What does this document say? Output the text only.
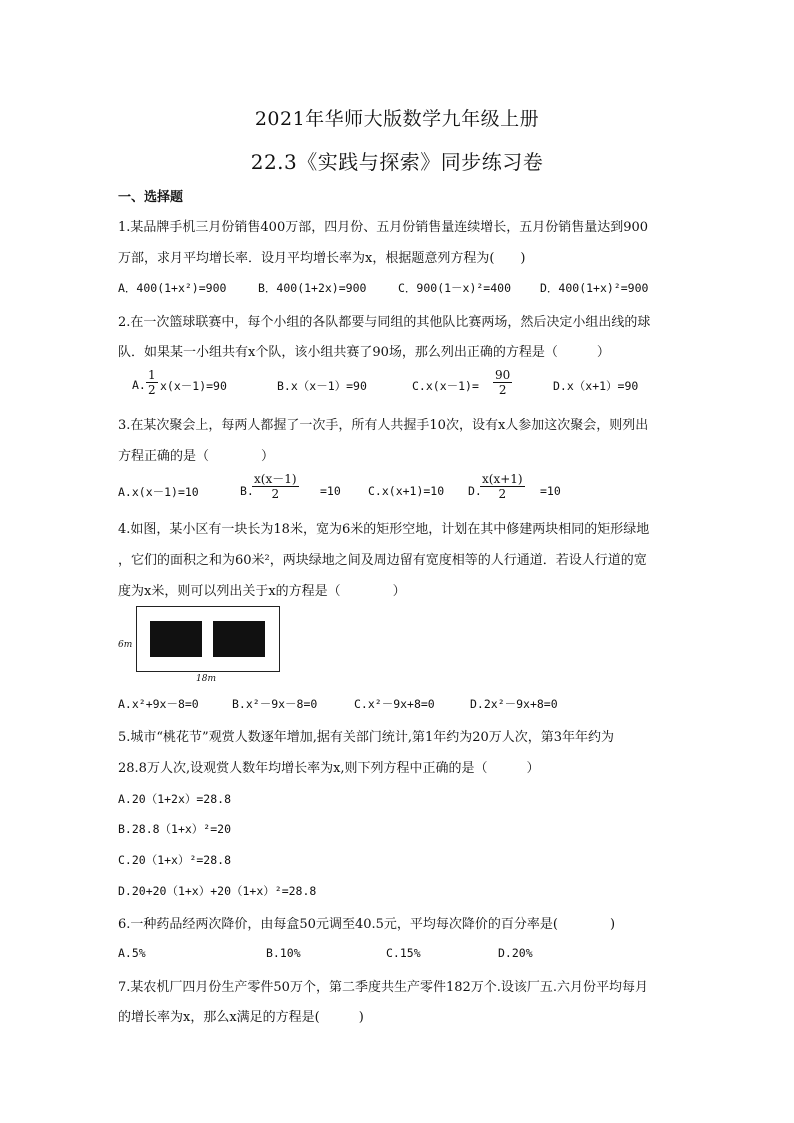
2021年华师大版数学九年级上册
22.3《实践与探索》同步练习卷
一、选择题
1.某品牌手机三月份销售400万部，四月份、五月份销售量连续增长，五月份销售量达到900
万部，求月平均增长率．设月平均增长率为x，根据题意列方程为(　　)
A．400(1+x²)=900	B．400(1+2x)=900	C．900(1－x)²=400	D．400(1+x)²=900
2.在一次篮球联赛中，每个小组的各队都要与同组的其他队比赛两场，然后决定小组出线的球
队．如果某一小组共有x个队，该小组共赛了90场，那么列出正确的方程是（　　　）
A. $\frac{1}{2} x(x-1)=90$	B.x（x－1）=90	$C.x(x-1)= \frac{90}{2}$	D.x（x+1）=90
3.在某次聚会上，每两人都握了一次手，所有人共握手10次，设有x人参加这次聚会，则列出
方程正确的是（　　　　）
A.x(x－1)=10	B.
$\frac{x(x-1)}{2} =10$ C.x(x+1)=10 D.
$\frac{x(x+1)}{2} =10$
4.如图，某小区有一块长为18米，宽为6米的矩形空地，计划在其中修建两块相同的矩形绿地
，它们的面积之和为60米²，两块绿地之间及周边留有宽度相等的人行通道．若设人行道的宽
度为x米，则可以列出关于x的方程是（　　　　）
6m
18m
A.x²+9x－8=0	B.x²－9x－8=0	C.x²－9x+8=0	D.2x²－9x+8=0
5.城市“桃花节”观赏人数逐年增加,据有关部门统计,第1年约为20万人次，第3年年约为
28.8万人次,设观赏人数年均增长率为x,则下列方程中正确的是（　　　）
A.20（1+2x）=28.8
B.28.8（1+x）²=20
C.20（1+x）²=28.8
D.20+20（1+x）+20（1+x）²=28.8
6.一种药品经两次降价，由每盒50元调至40.5元，平均每次降价的百分率是(　　　　)
A.5%	B.10%	C.15%	D.20%
7.某农机厂四月份生产零件50万个，第二季度共生产零件182万个.设该厂五.六月份平均每月
的增长率为x，那么x满足的方程是(　　　)
